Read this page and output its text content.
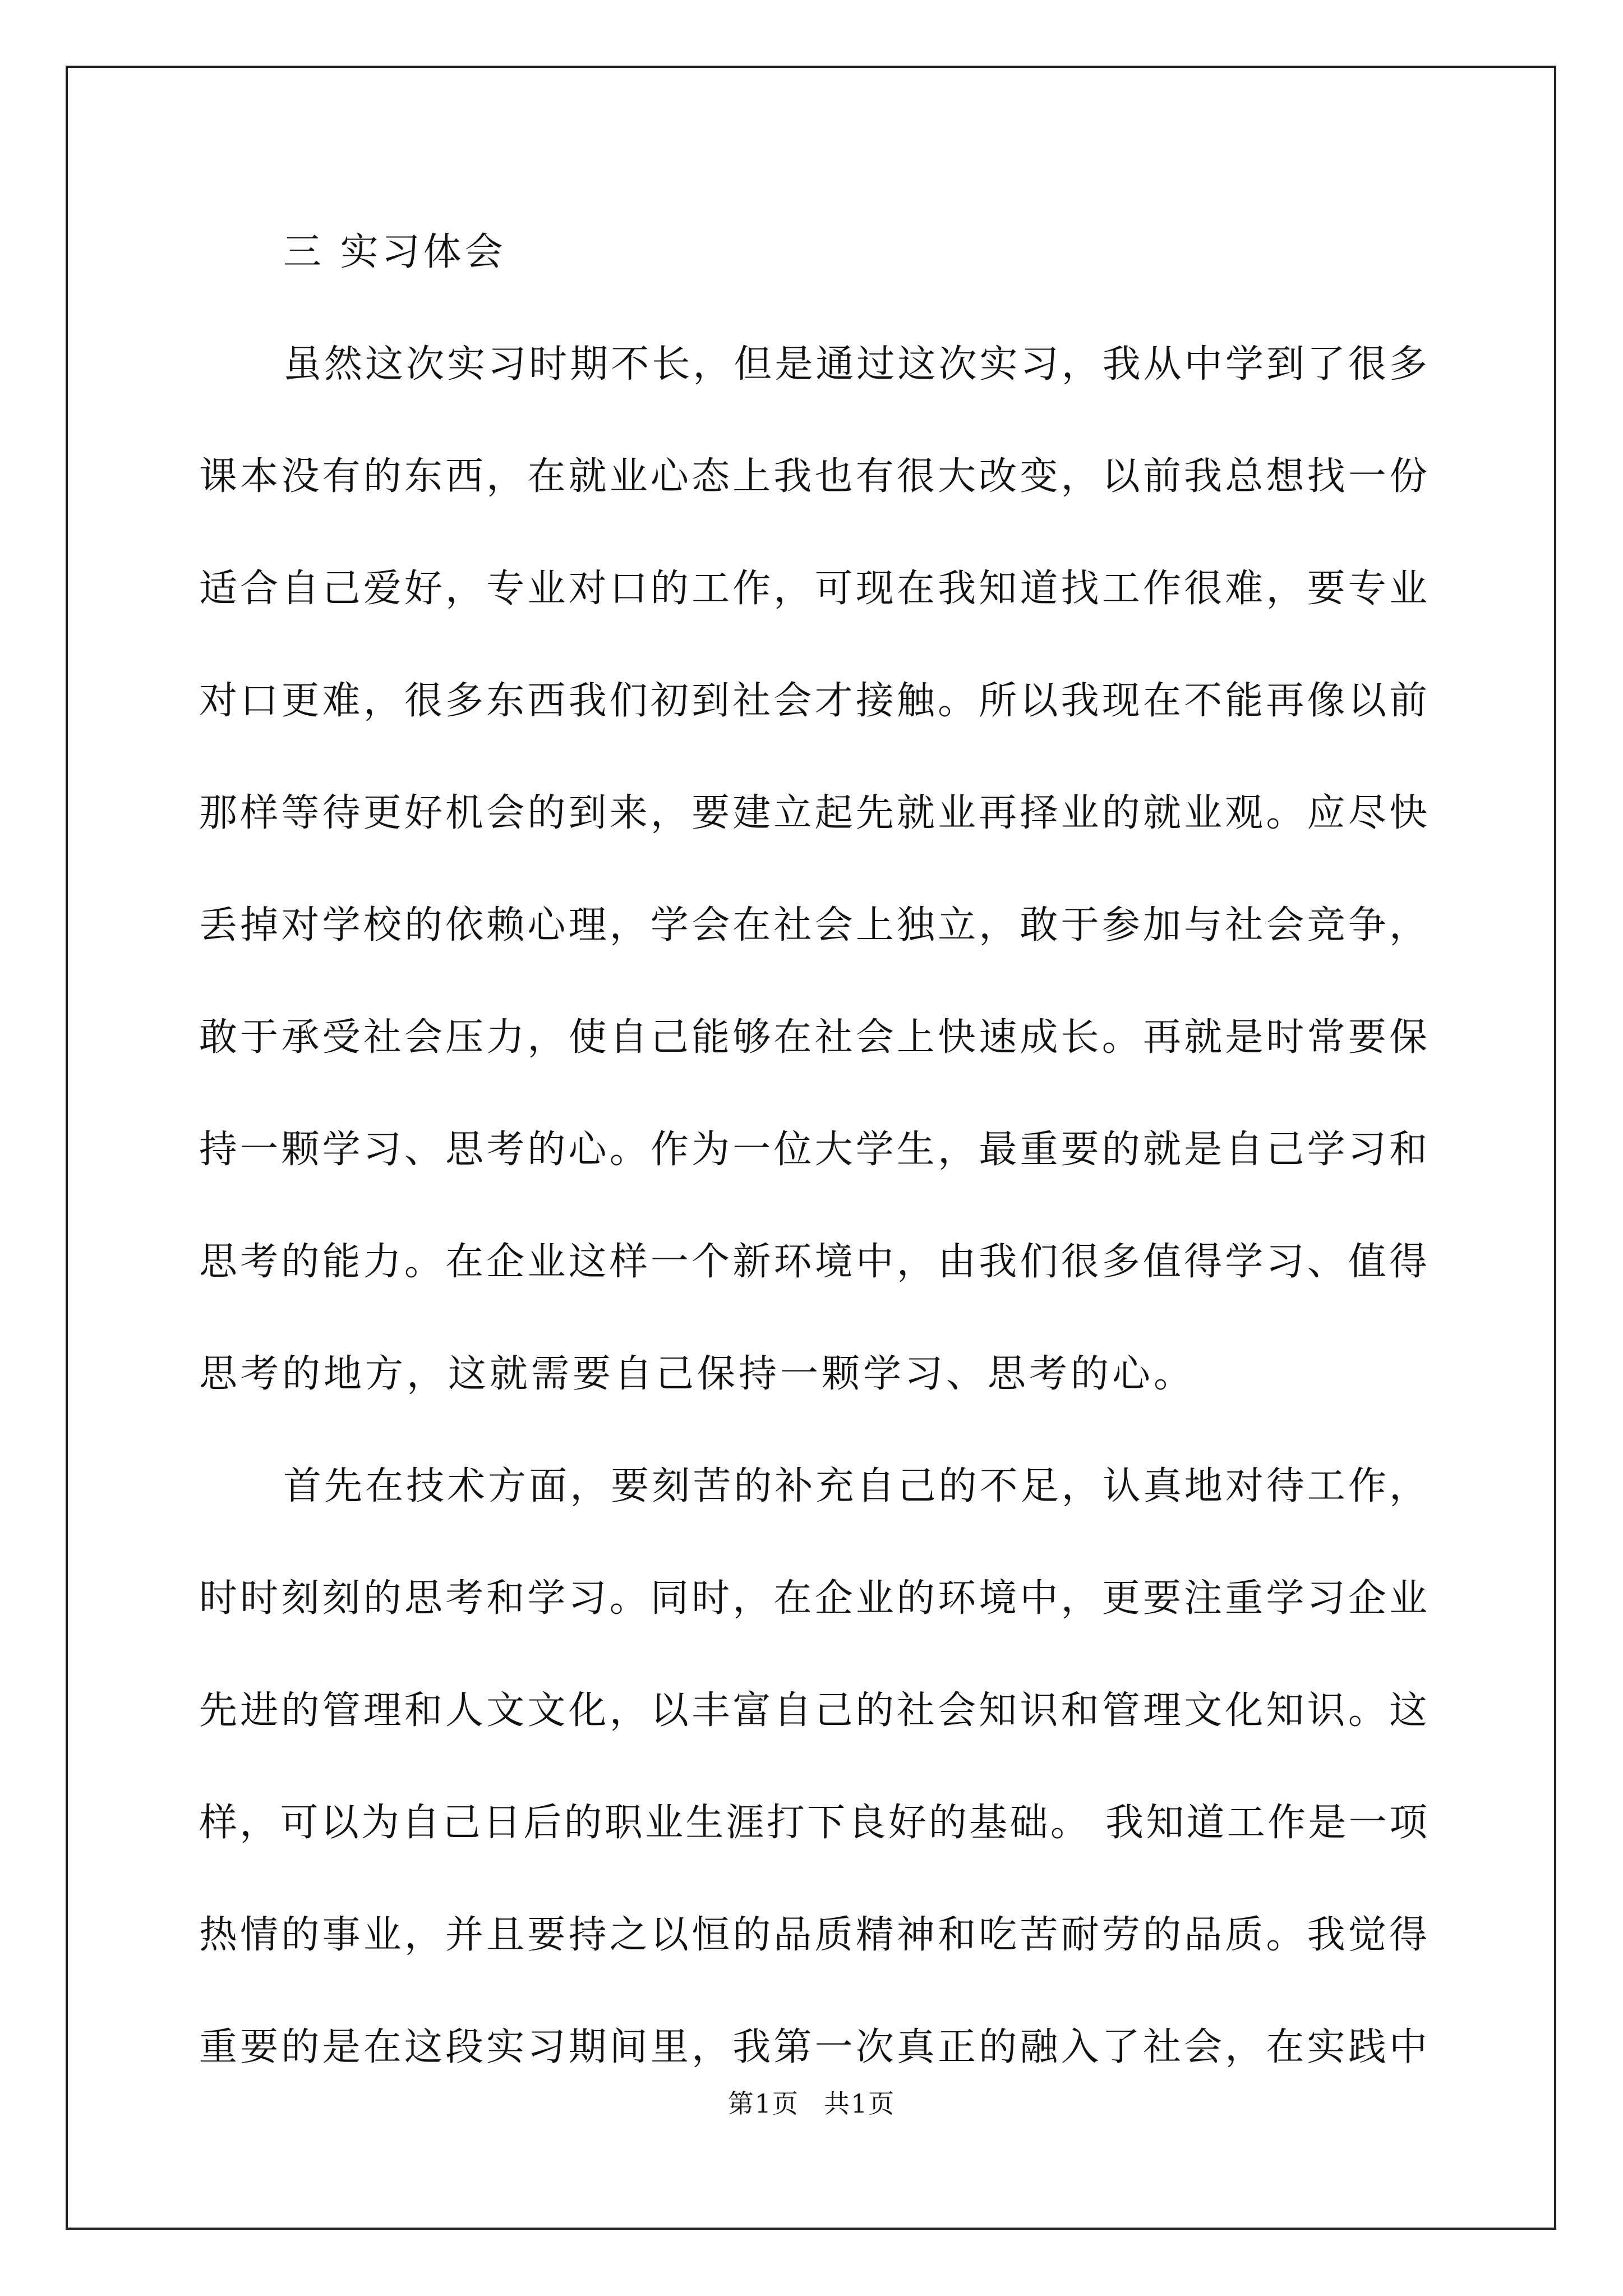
三 实习体会
虽然这次实习时期不长，但是通过这次实习，我从中学到了很多
课本没有的东西，在就业心态上我也有很大改变，以前我总想找一份
适合自己爱好，专业对口的工作，可现在我知道找工作很难，要专业
对口更难，很多东西我们初到社会才接触。所以我现在不能再像以前
那样等待更好机会的到来，要建立起先就业再择业的就业观。应尽快
丢掉对学校的依赖心理，学会在社会上独立，敢于参加与社会竞争，
敢于承受社会压力，使自己能够在社会上快速成长。再就是时常要保
持一颗学习、思考的心。作为一位大学生，最重要的就是自己学习和
思考的能力。在企业这样一个新环境中，由我们很多值得学习、值得
思考的地方，这就需要自己保持一颗学习、思考的心。
首先在技术方面，要刻苦的补充自己的不足，认真地对待工作，
时时刻刻的思考和学习。同时，在企业的环境中，更要注重学习企业
先进的管理和人文文化，以丰富自己的社会知识和管理文化知识。这
样，可以为自己日后的职业生涯打下良好的基础。 我知道工作是一项
热情的事业，并且要持之以恒的品质精神和吃苦耐劳的品质。我觉得
重要的是在这段实习期间里，我第一次真正的融入了社会，在实践中
第1页 共1页
